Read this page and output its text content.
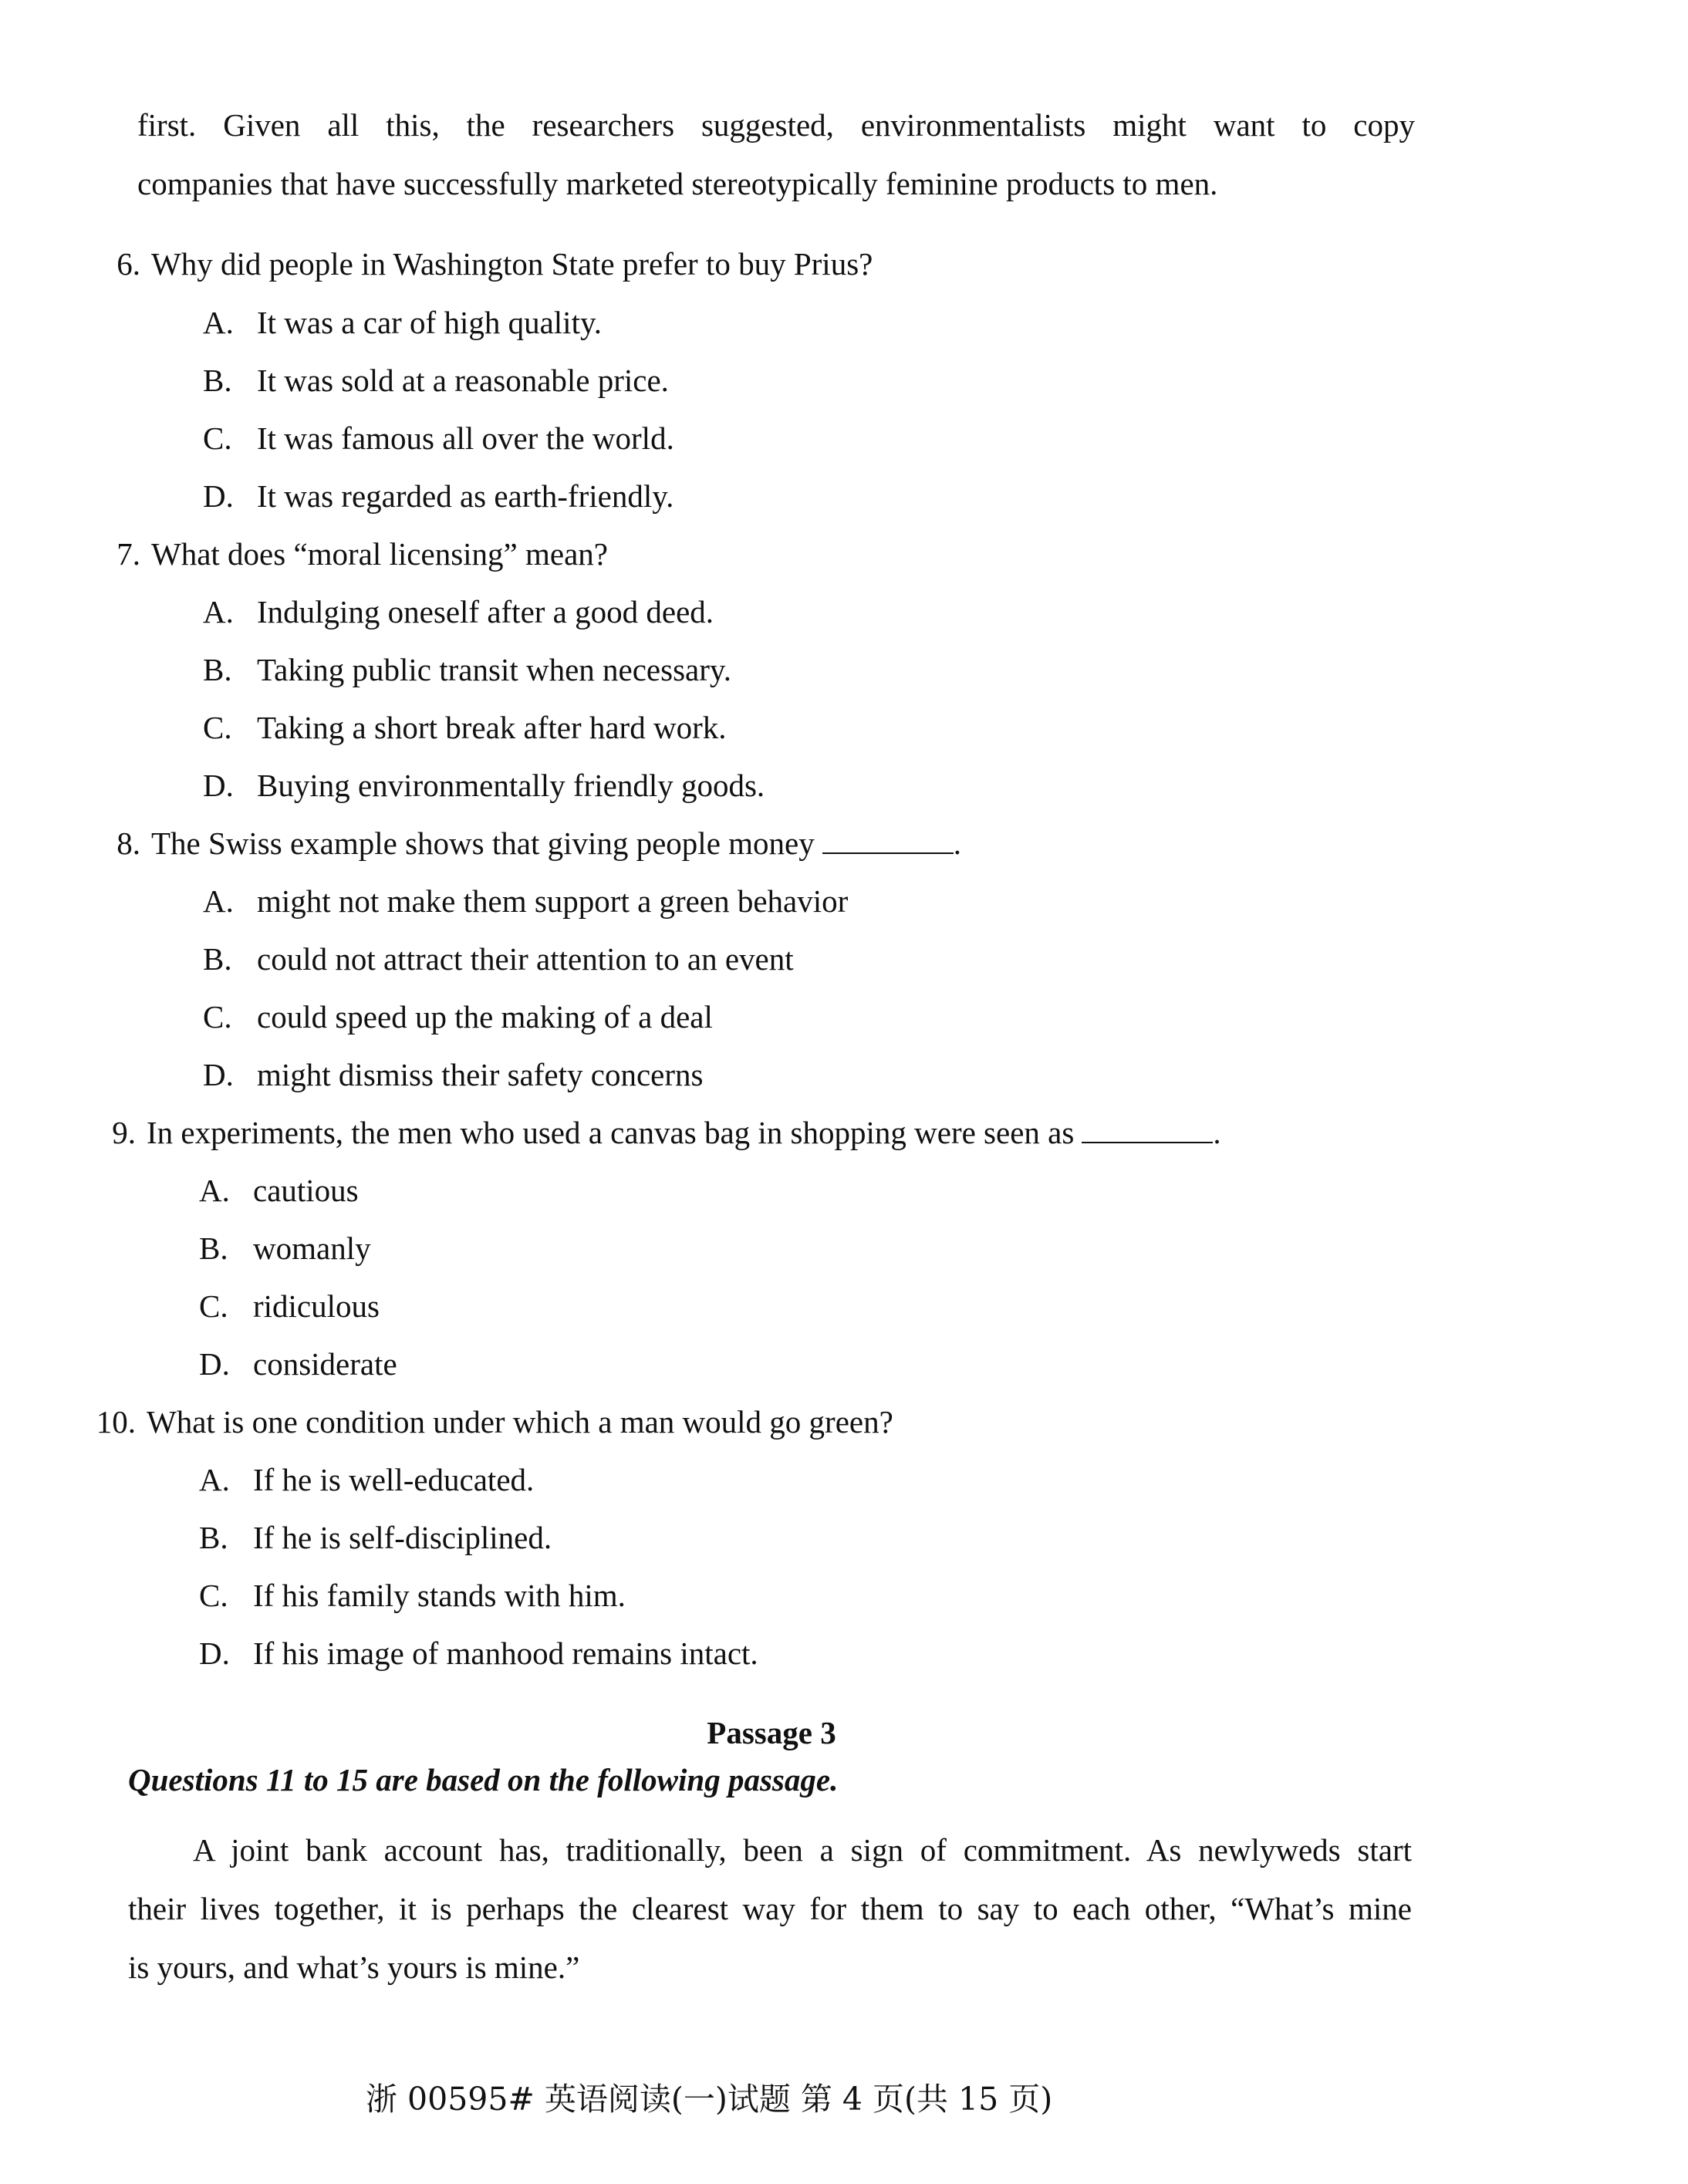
first. Given all this, the researchers suggested, environmentalists might want to copy
companies that have successfully marketed stereotypically feminine products to men.
6. Why did people in Washington State prefer to buy Prius?
A. It was a car of high quality.
B. It was sold at a reasonable price.
C. It was famous all over the world.
D. It was regarded as earth-friendly.
7. What does “moral licensing” mean?
A. Indulging oneself after a good deed.
B. Taking public transit when necessary.
C. Taking a short break after hard work.
D. Buying environmentally friendly goods.
8. The Swiss example shows that giving people money	.
A. might not make them support a green behavior
B. could not attract their attention to an event
C. could speed up the making of a deal
D. might dismiss their safety concerns
9. In experiments, the men who used a canvas bag in shopping were seen as	.
A. cautious
B. womanly
C. ridiculous
D. considerate
10. What is one condition under which a man would go green?
A. If he is well-educated.
B. If he is self-disciplined.
C. If his family stands with him.
D. If his image of manhood remains intact.
Passage 3
Questions 11 to 15 are based on the following passage.
A joint bank account has, traditionally, been a sign of commitment. As newlyweds start
their lives together, it is perhaps the clearest way for them to say to each other, “What’s mine
is yours, and what’s yours is mine.”
浙 00595# 英语阅读(一)试题 第 4 页(共 15 页)
